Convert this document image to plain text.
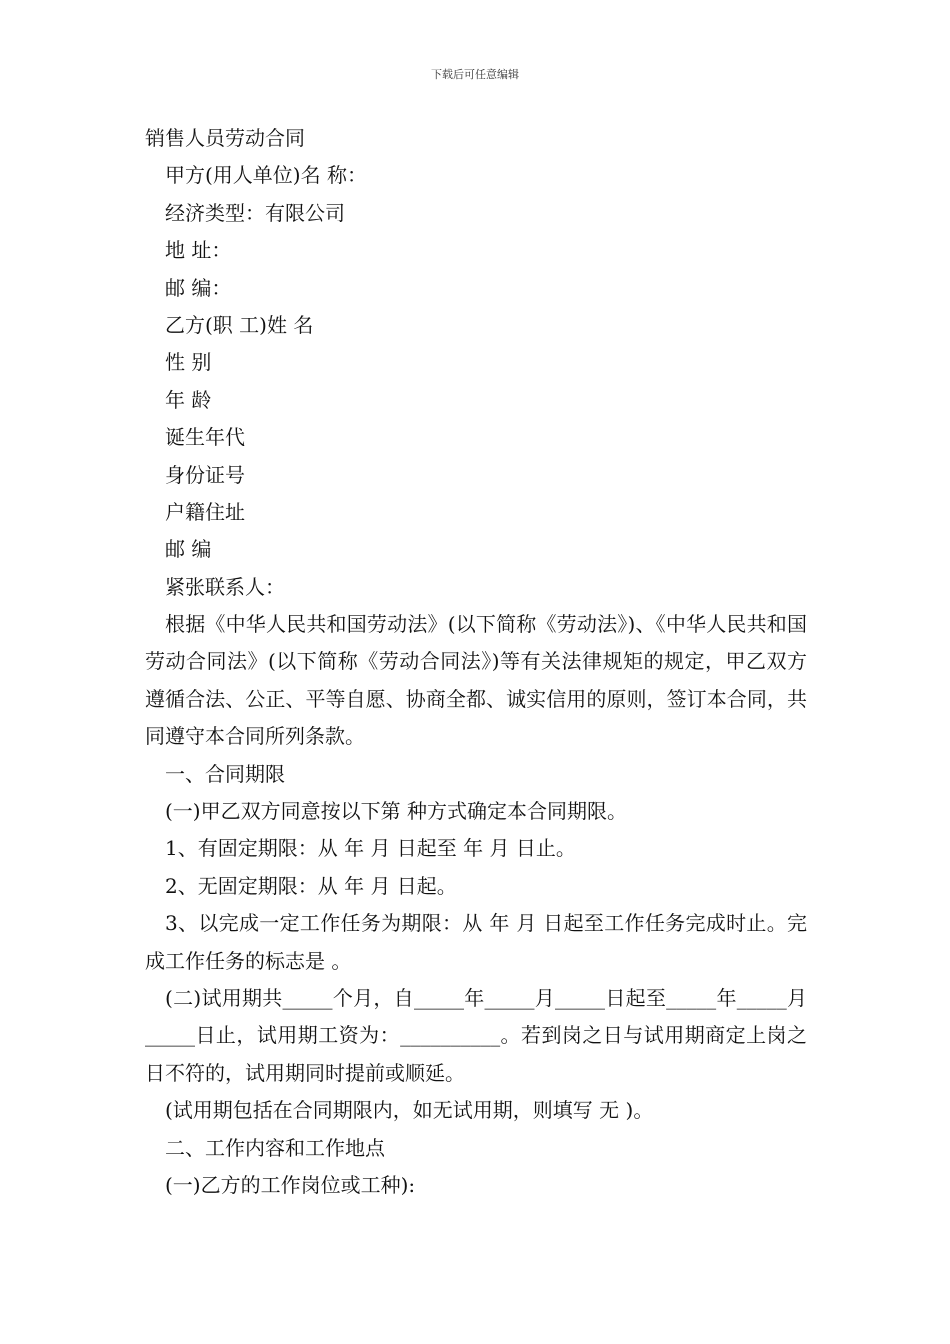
下载后可任意编辑
销售人员劳动合同
甲方(用人单位)名 称：
经济类型：有限公司
地 址：
邮 编：
乙方(职 工)姓 名
性 别
年 龄
诞生年代
身份证号
户籍住址
邮 编
紧张联系人：
根据《中华人民共和国劳动法》(以下简称《劳动法》)、《中华人民共和国劳动合同法》(以下简称《劳动合同法》)等有关法律规矩的规定，甲乙双方遵循合法、公正、平等自愿、协商全都、诚实信用的原则，签订本合同，共同遵守本合同所列条款。
一、合同期限
(一)甲乙双方同意按以下第 种方式确定本合同期限。
1、有固定期限：从 年 月 日起至 年 月 日止。
2、无固定期限：从 年 月 日起。
3、以完成一定工作任务为期限：从 年 月 日起至工作任务完成时止。完成工作任务的标志是 。
(二)试用期共_____个月，自_____年_____月_____日起至_____年_____月_____日止，试用期工资为：__________。若到岗之日与试用期商定上岗之日不符的，试用期同时提前或顺延。
(试用期包括在合同期限内，如无试用期，则填写 无 )。
二、工作内容和工作地点
(一)乙方的工作岗位或工种):
